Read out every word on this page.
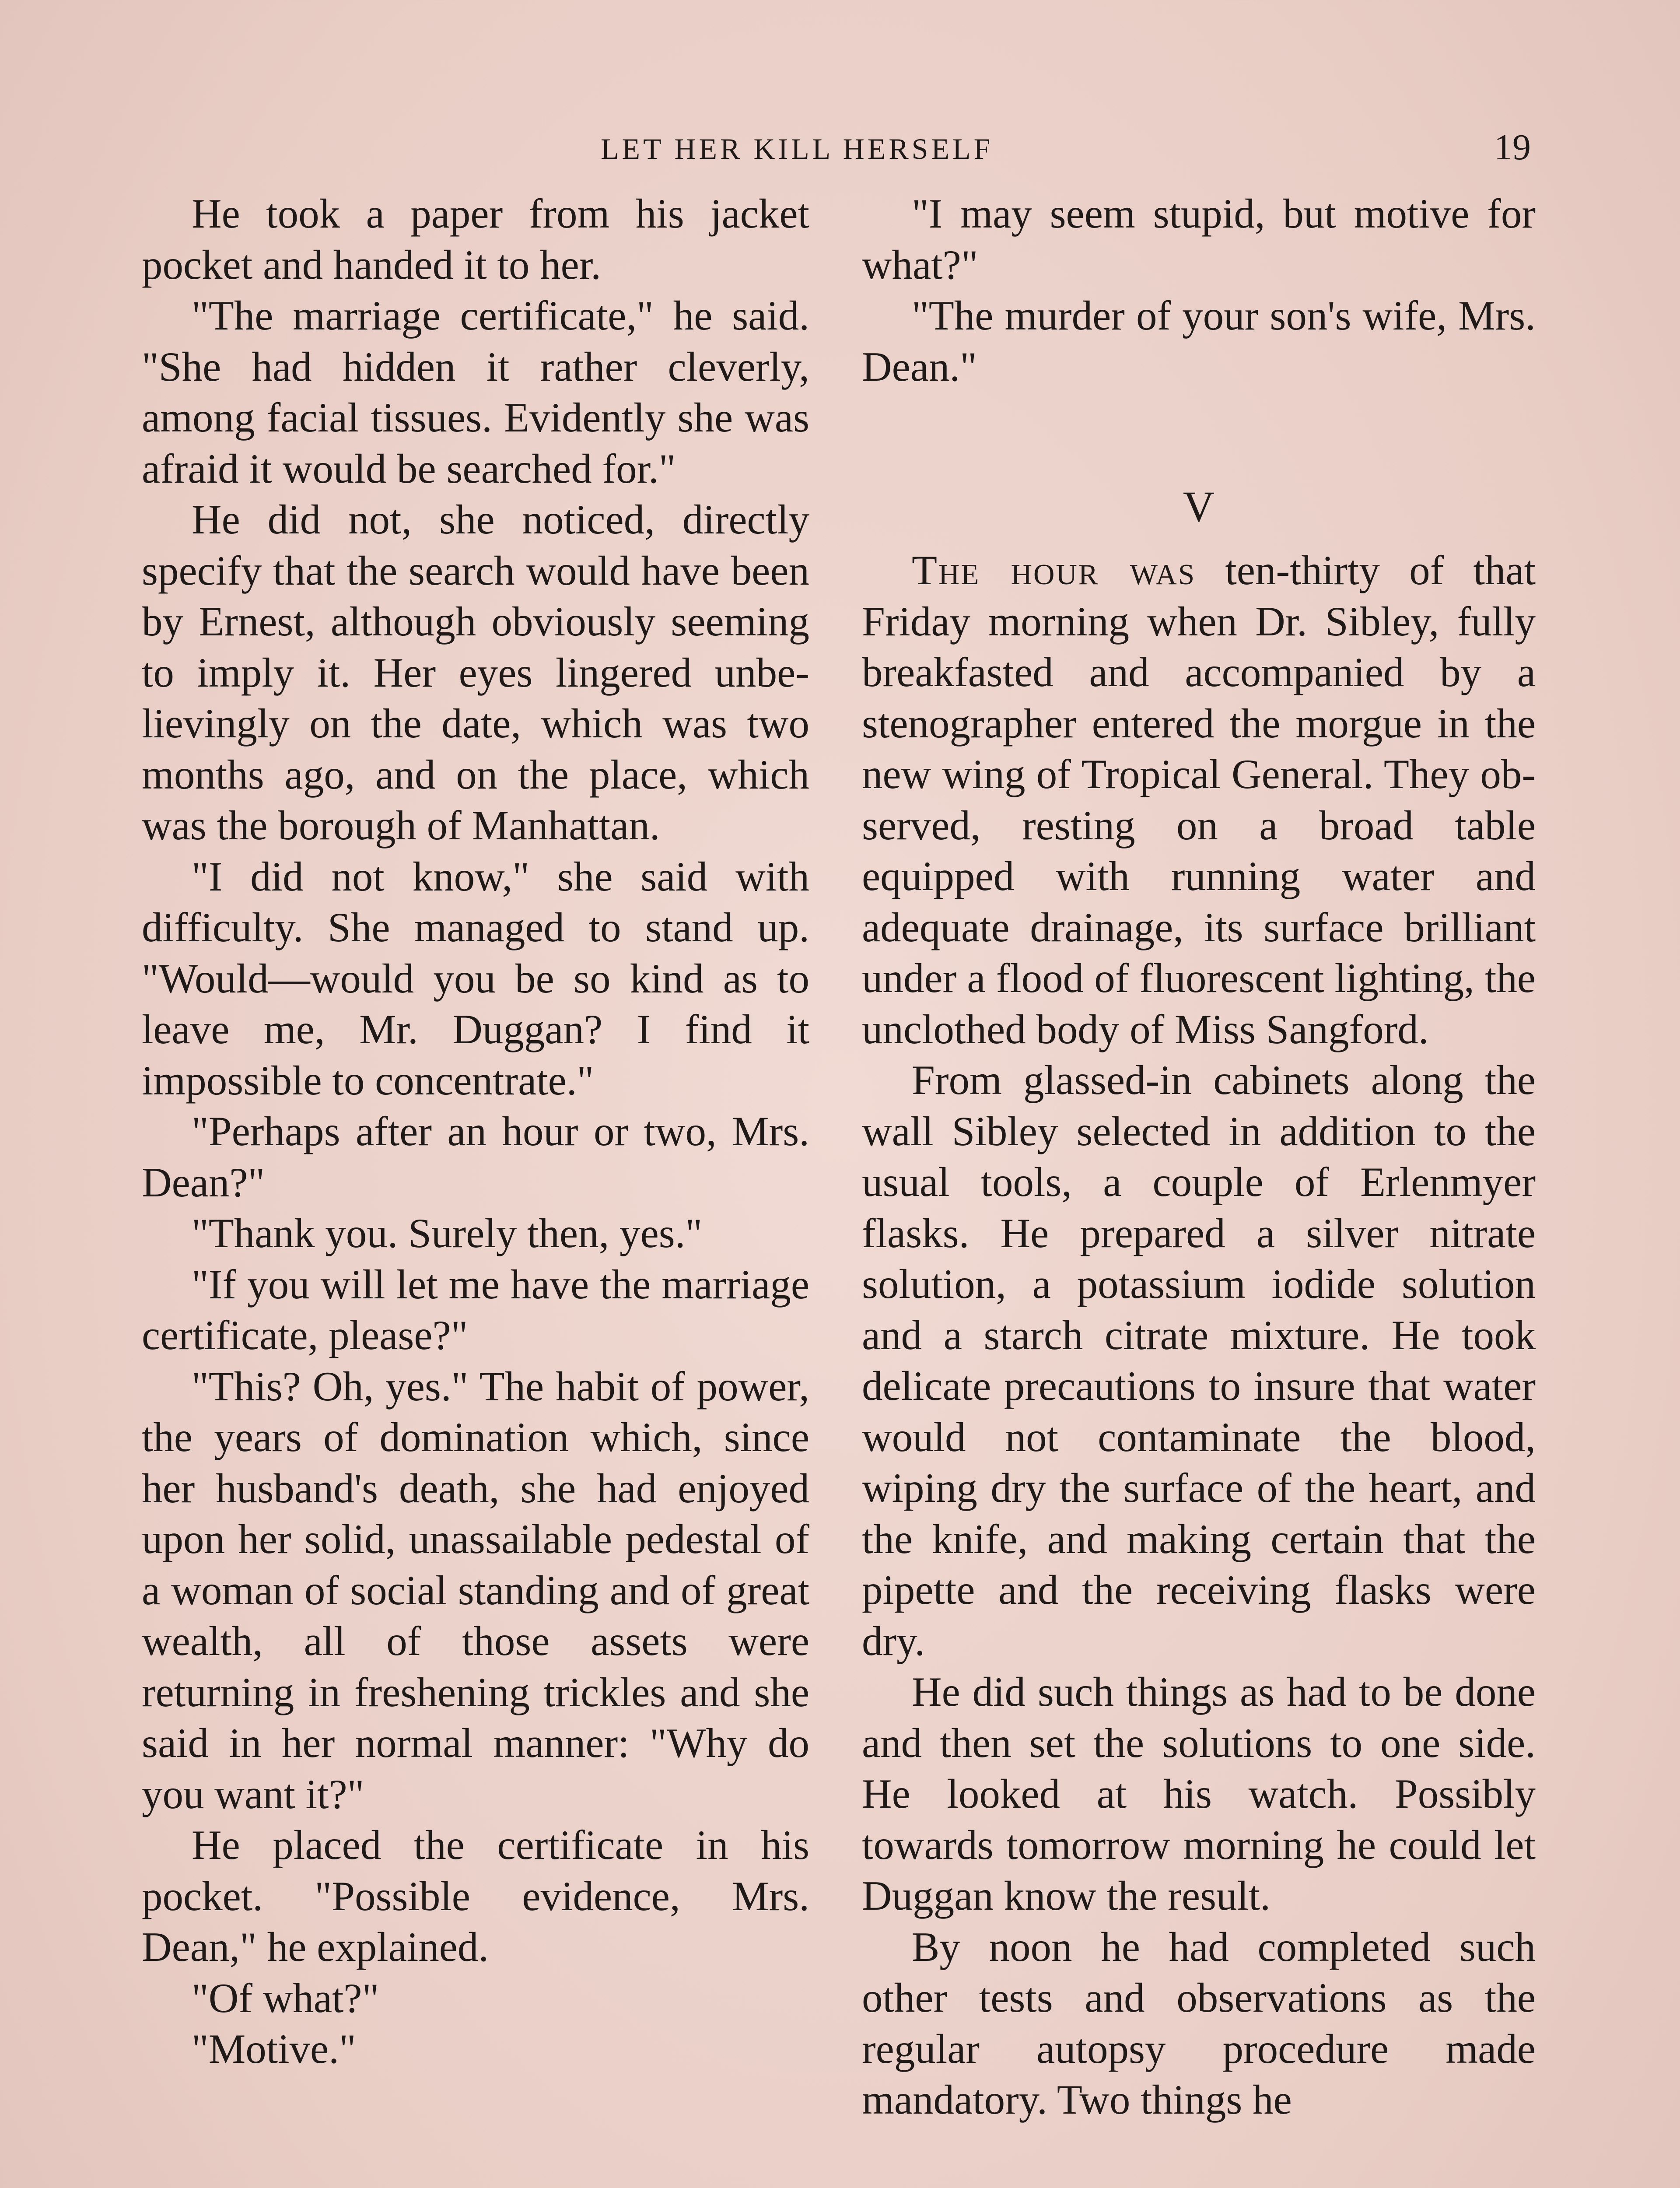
LET HER KILL HERSELF	19

He took a paper from his jacket pocket and handed it to her.

"The marriage certificate," he said. "She had hidden it rather cleverly, among facial tissues. Evidently she was afraid it would be searched for."

He did not, she noticed, directly specify that the search would have been by Ernest, although obviously seeming to imply it. Her eyes lingered unbelievingly on the date, which was two months ago, and on the place, which was the borough of Manhattan.

"I did not know," she said with difficulty. She managed to stand up. "Would—would you be so kind as to leave me, Mr. Duggan? I find it impossible to concentrate."

"Perhaps after an hour or two, Mrs. Dean?"

"Thank you. Surely then, yes."

"If you will let me have the marriage certificate, please?"

"This? Oh, yes." The habit of power, the years of domination which, since her husband's death, she had enjoyed upon her solid, unassailable pedestal of a woman of social standing and of great wealth, all of those assets were returning in freshening trickles and she said in her normal manner: "Why do you want it?"

He placed the certificate in his pocket. "Possible evidence, Mrs. Dean," he explained.

"Of what?"

"Motive."

"I may seem stupid, but motive for what?"

"The murder of your son's wife, Mrs. Dean."

V

The hour was ten-thirty of that Friday morning when Dr. Sibley, fully breakfasted and accompanied by a stenographer entered the morgue in the new wing of Tropical General. They observed, resting on a broad table equipped with running water and adequate drainage, its surface brilliant under a flood of fluorescent lighting, the unclothed body of Miss Sangford.

From glassed-in cabinets along the wall Sibley selected in addition to the usual tools, a couple of Erlenmyer flasks. He prepared a silver nitrate solution, a potassium iodide solution and a starch citrate mixture. He took delicate precautions to insure that water would not contaminate the blood, wiping dry the surface of the heart, and the knife, and making certain that the pipette and the receiving flasks were dry.

He did such things as had to be done and then set the solutions to one side. He looked at his watch. Possibly towards tomorrow morning he could let Duggan know the result.

By noon he had completed such other tests and observations as the regular autopsy procedure made mandatory. Two things he
